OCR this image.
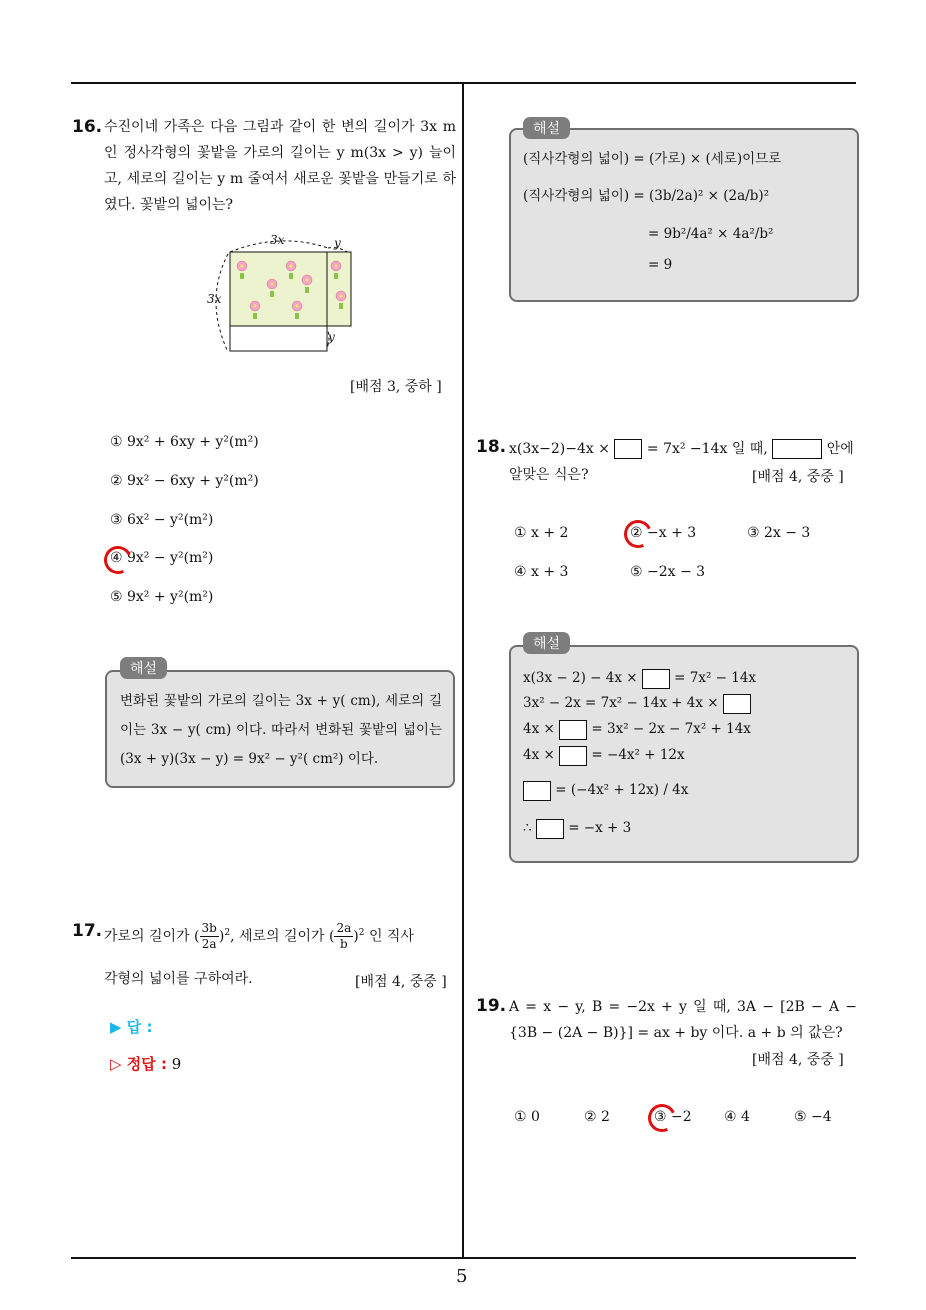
5
16. 수진이네 가족은 다음 그림과 같이 한 변의 길이가 3x m 인 정사각형의 꽃밭을 가로의 길이는 y m(3x > y) 늘이고, 세로의 길이는 y m 줄여서 새로운 꽃밭을 만들기로 하였다. 꽃밭의 넓이는?
3x	y
3x
y
[배점 3, 중하 ]
① 9x² + 6xy + y²(m²)
② 9x² − 6xy + y²(m²)
③ 6x² − y²(m²)
④ 9x² − y²(m²)
⑤ 9x² + y²(m²)
해설
변화된 꽃밭의 가로의 길이는 3x + y( cm), 세로의 길이는 3x − y( cm) 이다. 따라서 변화된 꽃밭의 넓이는 (3x + y)(3x − y) = 9x² − y²( cm²) 이다.
17. 가로의 길이가 ( $\frac{3b}{2a} )^2$, 세로의 길이가 ( $\frac{2a}{b} )^2$ 인 직사
각형의 넓이를 구하여라.	[배점 4, 중중 ]
▶ 답 :
▷ 정답 : 9
해설
(직사각형의 넓이) = (가로) × (세로)이므로
(직사각형의 넓이) = (3b/2a)² × (2a/b)²
= 9b²/4a² × 4a²/b²
= 9
18. x(3x−2)−4x ×	= 7x² −14x 일 때,	안에
알맞은 식은?	[배점 4, 중중 ]
① x + 2	② −x + 3	③ 2x − 3
④ x + 3	⑤ −2x − 3
해설
x(3x − 2) − 4x ×	= 7x² − 14x
3x² − 2x = 7x² − 14x + 4x ×
4x ×	= 3x² − 2x − 7x² + 14x
4x ×	= −4x² + 12x
= (−4x² + 12x) / 4x
∴	= −x + 3
19. A = x − y, B = −2x + y 일 때, 3A − [2B − A − {3B − (2A − B)}] = ax + by 이다. a + b 의 값은?
[배점 4, 중중 ]
① 0	② 2	③ −2 ④ 4	⑤ −4
